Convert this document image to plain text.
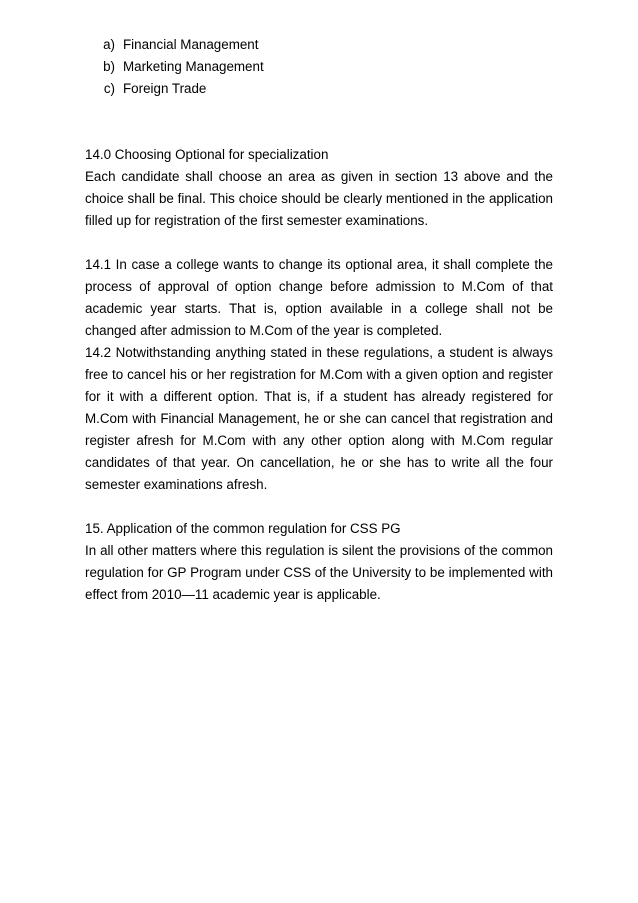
a) Financial Management
b) Marketing Management
c) Foreign Trade

14.0 Choosing Optional for specialization

Each candidate shall choose an area as given in section 13 above and the choice shall be final. This choice should be clearly mentioned in the application filled up for registration of the first semester examinations.

14.1 In case a college wants to change its optional area, it shall complete the process of approval of option change before admission to M.Com of that academic year starts. That is, option available in a college shall not be changed after admission to M.Com of the year is completed.

14.2 Notwithstanding anything stated in these regulations, a student is always free to cancel his or her registration for M.Com with a given option and register for it with a different option. That is, if a student has already registered for M.Com with Financial Management, he or she can cancel that registration and register afresh for M.Com with any other option along with M.Com regular candidates of that year. On cancellation, he or she has to write all the four semester examinations afresh.

15. Application of the common regulation for CSS PG

In all other matters where this regulation is silent the provisions of the common regulation for GP Program under CSS of the University to be implemented with effect from 2010—11 academic year is applicable.
